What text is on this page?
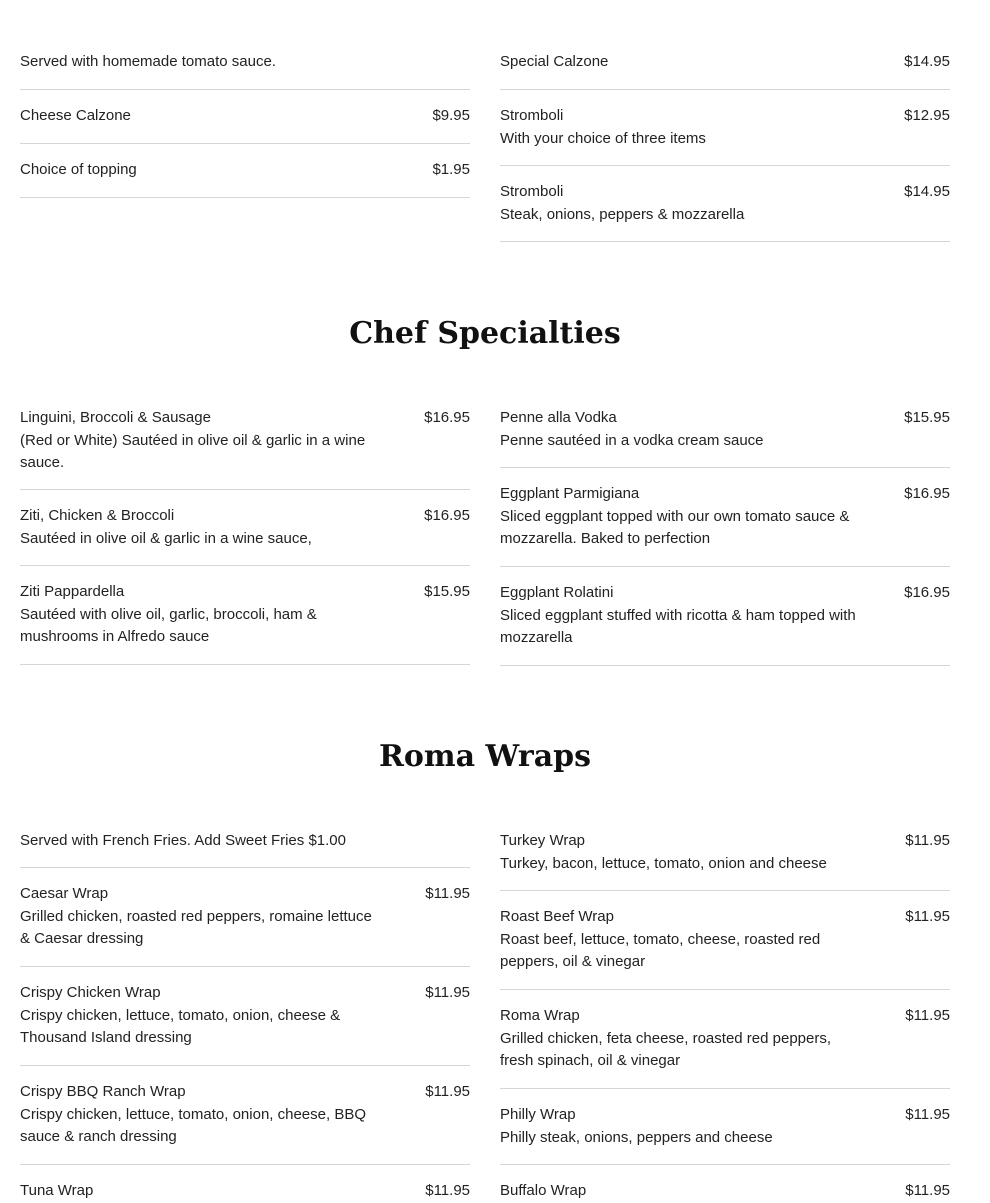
Served with homemade tomato sauce.
Cheese Calzone	$9.95
Choice of topping	$1.95
Special Calzone	$14.95
Stromboli
With your choice of three items
$12.95
Stromboli
Steak, onions, peppers & mozzarella
$14.95
Chef Specialties
Linguini, Broccoli & Sausage
(Red or White) Sautéed in olive oil & garlic in a wine sauce.
$16.95
Ziti, Chicken & Broccoli
Sautéed in olive oil & garlic in a wine sauce,
$16.95
Ziti Pappardella
Sautéed with olive oil, garlic, broccoli, ham & mushrooms in Alfredo sauce
$15.95
Penne alla Vodka
Penne sautéed in a vodka cream sauce
$15.95
Eggplant Parmigiana
Sliced eggplant topped with our own tomato sauce & mozzarella. Baked to perfection
$16.95
Eggplant Rolatini
Sliced eggplant stuffed with ricotta & ham topped with mozzarella
$16.95
Roma Wraps
Served with French Fries. Add Sweet Fries $1.00
Caesar Wrap
Grilled chicken, roasted red peppers, romaine lettuce & Caesar dressing
$11.95
Crispy Chicken Wrap
Crispy chicken, lettuce, tomato, onion, cheese & Thousand Island dressing
$11.95
Crispy BBQ Ranch Wrap
Crispy chicken, lettuce, tomato, onion, cheese, BBQ sauce & ranch dressing
$11.95
Tuna Wrap	$11.95
Turkey Wrap
Turkey, bacon, lettuce, tomato, onion and cheese
$11.95
Roast Beef Wrap
Roast beef, lettuce, tomato, cheese, roasted red peppers, oil & vinegar
$11.95
Roma Wrap
Grilled chicken, feta cheese, roasted red peppers, fresh spinach, oil & vinegar
$11.95
Philly Wrap
Philly steak, onions, peppers and cheese
$11.95
Buffalo Wrap	$11.95
